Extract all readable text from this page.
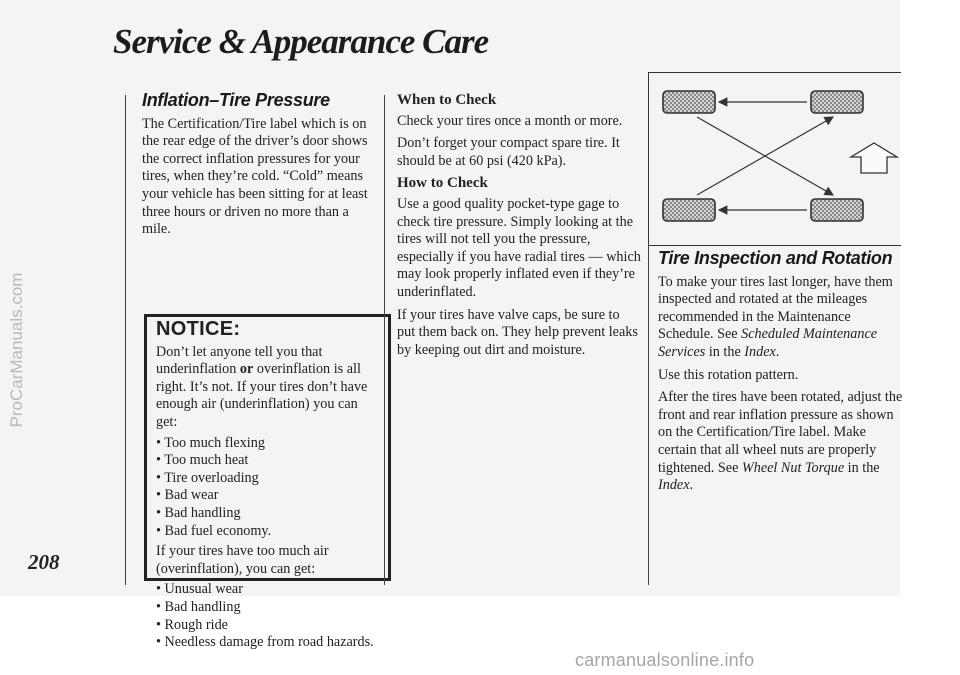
Service & Appearance Care
208
Inflation–Tire Pressure

The Certification/Tire label which is on the rear edge of the driver’s door shows the correct inflation pressures for your tires, when they’re cold. “Cold” means your vehicle has been sitting for at least three hours or driven no more than a mile.

NOTICE:

Don’t let anyone tell you that underinflation or overinflation is all right. It’s not. If your tires don’t have enough air (underinflation) you can get:

• Too much flexing
• Too much heat
• Tire overloading
• Bad wear
• Bad handling
• Bad fuel economy.

If your tires have too much air (overinflation), you can get:

• Unusual wear
• Bad handling
• Rough ride
• Needless damage from road hazards.
When to Check

Check your tires once a month or more.

Don’t forget your compact spare tire. It should be at 60 psi (420 kPa).

How to Check

Use a good quality pocket-type gage to check tire pressure. Simply looking at the tires will not tell you the pressure, especially if you have radial tires — which may look properly inflated even if they’re underinflated.

If your tires have valve caps, be sure to put them back on. They help prevent leaks by keeping out dirt and moisture.

Tire Inspection and Rotation

To make your tires last longer, have them inspected and rotated at the mileages recommended in the Maintenance Schedule. See Scheduled Maintenance Services in the Index.

Use this rotation pattern.

After the tires have been rotated, adjust the front and rear inflation pressure as shown on the Certification/Tire label. Make certain that all wheel nuts are properly tightened. See Wheel Nut Torque in the Index.

ProCarManuals.com
carmanualsonline.info
